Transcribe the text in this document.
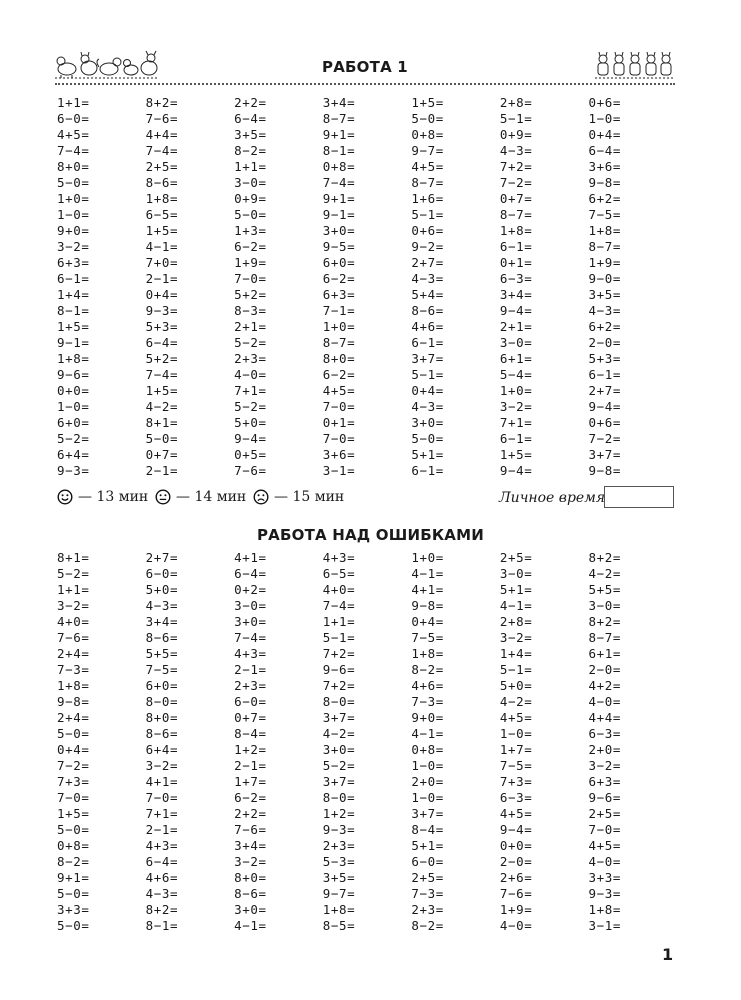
РАБОТА 1
1+1=	8+2=	2+2=	3+4=	1+5=	2+8=	0+6=
6−0=	7−6=	6−4=	8−7=	5−0=	5−1=	1−0=
4+5=	4+4=	3+5=	9+1=	0+8=	0+9=	0+4=
7−4=	7−4=	8−2=	8−1=	9−7=	4−3=	6−4=
8+0=	2+5=	1+1=	0+8=	4+5=	7+2=	3+6=
5−0=	8−6=	3−0=	7−4=	8−7=	7−2=	9−8=
1+0=	1+8=	0+9=	9+1=	1+6=	0+7=	6+2=
1−0=	6−5=	5−0=	9−1=	5−1=	8−7=	7−5=
9+0=	1+5=	1+3=	3+0=	0+6=	1+8=	1+8=
3−2=	4−1=	6−2=	9−5=	9−2=	6−1=	8−7=
6+3=	7+0=	1+9=	6+0=	2+7=	0+1=	1+9=
6−1=	2−1=	7−0=	6−2=	4−3=	6−3=	9−0=
1+4=	0+4=	5+2=	6+3=	5+4=	3+4=	3+5=
8−1=	9−3=	8−3=	7−1=	8−6=	9−4=	4−3=
1+5=	5+3=	2+1=	1+0=	4+6=	2+1=	6+2=
9−1=	6−4=	5−2=	8−7=	6−1=	3−0=	2−0=
1+8=	5+2=	2+3=	8+0=	3+7=	6+1=	5+3=
9−6=	7−4=	4−0=	6−2=	5−1=	5−4=	6−1=
0+0=	1+5=	7+1=	4+5=	0+4=	1+0=	2+7=
1−0=	4−2=	5−2=	7−0=	4−3=	3−2=	9−4=
6+0=	8+1=	5+0=	0+1=	3+0=	7+1=	0+6=
5−2=	5−0=	9−4=	7−0=	5−0=	6−1=	7−2=
6+4=	0+7=	0+5=	3+6=	5+1=	1+5=	3+7=
9−3=	2−1=	7−6=	3−1=	6−1=	9−4=	9−8=
— 13 мин — 14 мин — 15 мин	Личное время
РАБОТА НАД ОШИБКАМИ
8+1=	2+7=	4+1=	4+3=	1+0=	2+5=	8+2=
5−2=	6−0=	6−4=	6−5=	4−1=	3−0=	4−2=
1+1=	5+0=	0+2=	4+0=	4+1=	5+1=	5+5=
3−2=	4−3=	3−0=	7−4=	9−8=	4−1=	3−0=
4+0=	3+4=	3+0=	1+1=	0+4=	2+8=	8+2=
7−6=	8−6=	7−4=	5−1=	7−5=	3−2=	8−7=
2+4=	5+5=	4+3=	7+2=	1+8=	1+4=	6+1=
7−3=	7−5=	2−1=	9−6=	8−2=	5−1=	2−0=
1+8=	6+0=	2+3=	7+2=	4+6=	5+0=	4+2=
9−8=	8−0=	6−0=	8−0=	7−3=	4−2=	4−0=
2+4=	8+0=	0+7=	3+7=	9+0=	4+5=	4+4=
5−0=	8−6=	8−4=	4−2=	4−1=	1−0=	6−3=
0+4=	6+4=	1+2=	3+0=	0+8=	1+7=	2+0=
7−2=	3−2=	2−1=	5−2=	1−0=	7−5=	3−2=
7+3=	4+1=	1+7=	3+7=	2+0=	7+3=	6+3=
7−0=	7−0=	6−2=	8−0=	1−0=	6−3=	9−6=
1+5=	7+1=	2+2=	1+2=	3+7=	4+5=	2+5=
5−0=	2−1=	7−6=	9−3=	8−4=	9−4=	7−0=
0+8=	4+3=	3+4=	2+3=	5+1=	0+0=	4+5=
8−2=	6−4=	3−2=	5−3=	6−0=	2−0=	4−0=
9+1=	4+6=	8+0=	3+5=	2+5=	2+6=	3+3=
5−0=	4−3=	8−6=	9−7=	7−3=	7−6=	9−3=
3+3=	8+2=	3+0=	1+8=	2+3=	1+9=	1+8=
5−0=	8−1=	4−1=	8−5=	8−2=	4−0=	3−1=
1
